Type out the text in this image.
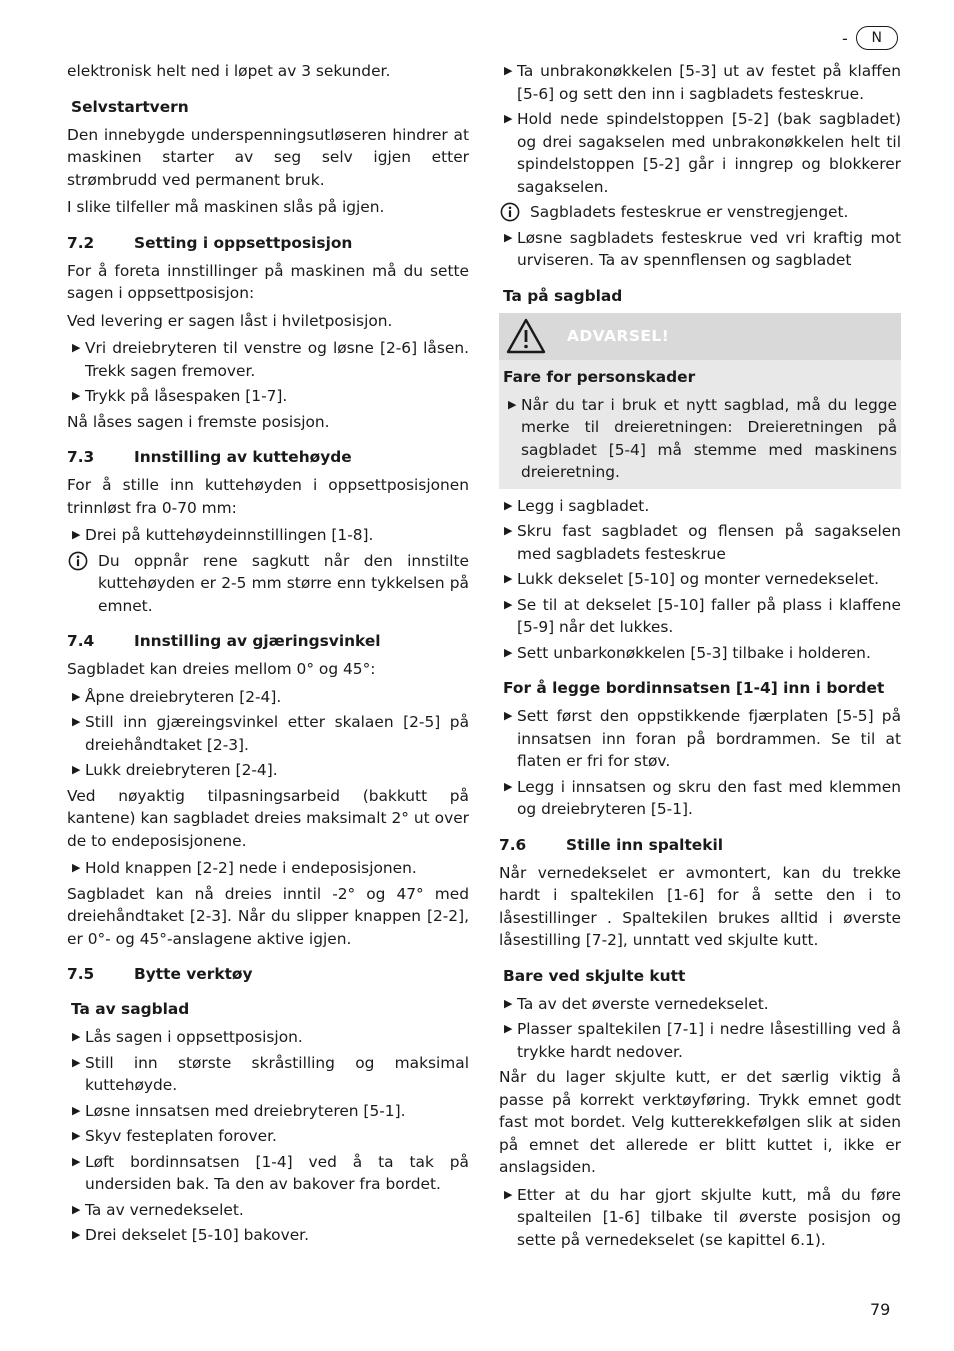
-	N

elektronisk helt ned i løpet av 3 sekunder.

Selvstartvern

Den innebygde underspenningsutløseren hindrer at maskinen starter av seg selv igjen etter strømbrudd ved permanent bruk.

I slike tilfeller må maskinen slås på igjen.

7.2	Setting i oppsettposisjon

For å foreta innstillinger på maskinen må du sette sagen i oppsettposisjon:

Ved levering er sagen låst i hviletposisjon.

▶ Vri dreiebryteren til venstre og løsne [2-6] låsen. Trekk sagen fremover.
▶ Trykk på låsespaken [1-7].

Nå låses sagen i fremste posisjon.

7.3	Innstilling av kuttehøyde

For å stille inn kuttehøyden i oppsettposisjonen trinnløst fra 0-70 mm:

▶ Drei på kuttehøydeinnstillingen [1-8].
Du oppnår rene sagkutt når den innstilte kuttehøyden er 2-5 mm større enn tykkelsen på emnet.
7.4	Innstilling av gjæringsvinkel

Sagbladet kan dreies mellom 0° og 45°:

▶ Åpne dreiebryteren [2-4].
▶ Still inn gjæreingsvinkel etter skalaen [2-5] på dreiehåndtaket [2-3].
▶ Lukk dreiebryteren [2-4].

Ved nøyaktig tilpasningsarbeid (bakkutt på kantene) kan sagbladet dreies maksimalt 2° ut over de to endeposisjonene.

▶ Hold knappen [2-2] nede i endeposisjonen.

Sagbladet kan nå dreies inntil -2° og 47° med dreiehåndtaket [2-3]. Når du slipper knappen [2-2], er 0°- og 45°-anslagene aktive igjen.

7.5	Bytte verktøy
Ta av sagblad
▶ Lås sagen i oppsettposisjon.
▶ Still inn største skråstilling og maksimal kuttehøyde.
▶ Løsne innsatsen med dreiebryteren [5-1].
▶ Skyv festeplaten forover.
▶ Løft bordinnsatsen [1-4] ved å ta tak på undersiden bak. Ta den av bakover fra bordet.
▶ Ta av vernedekselet.
▶ Drei dekselet [5-10] bakover.
▶ Ta unbrakonøkkelen [5-3] ut av festet på klaffen [5-6] og sett den inn i sagbladets festeskrue.
▶ Hold nede spindelstoppen [5-2] (bak sagbladet) og drei sagakselen med unbrakonøkkelen helt til spindelstoppen [5-2] går i inngrep og blokkerer sagakselen.
Sagbladets festeskrue er venstregjenget.
▶ Løsne sagbladets festeskrue ved vri kraftig mot urviseren. Ta av spennflensen og sagbladet
Ta på sagblad
ADVARSEL!
Fare for personskader
▶ Når du tar i bruk et nytt sagblad, må du legge merke til dreieretningen: Dreieretningen på sagbladet [5-4] må stemme med maskinens dreieretning.
▶ Legg i sagbladet.
▶ Skru fast sagbladet og flensen på sagakselen med sagbladets festeskrue
▶ Lukk dekselet [5-10] og monter vernedekselet.
▶ Se til at dekselet [5-10] faller på plass i klaffene [5-9] når det lukkes.
▶ Sett unbarkonøkkelen [5-3] tilbake i holderen.
For å legge bordinnsatsen [1-4] inn i bordet
▶ Sett først den oppstikkende fjærplaten [5-5] på innsatsen inn foran på bordrammen. Se til at flaten er fri for støv.
▶ Legg i innsatsen og skru den fast med klemmen og dreiebryteren [5-1].
7.6	Stille inn spaltekil

Når vernedekselet er avmontert, kan du trekke hardt i spaltekilen [1-6] for å sette den i to låsestillinger . Spaltekilen brukes alltid i øverste låsestilling [7-2], unntatt ved skjulte kutt.

Bare ved skjulte kutt
▶ Ta av det øverste vernedekselet.
▶ Plasser spaltekilen [7-1] i nedre låsestilling ved å trykke hardt nedover.

Når du lager skjulte kutt, er det særlig viktig å passe på korrekt verktøyføring. Trykk emnet godt fast mot bordet. Velg kutterekkefølgen slik at siden på emnet det allerede er blitt kuttet i, ikke er anslagsiden.

▶ Etter at du har gjort skjulte kutt, må du føre spalteilen [1-6] tilbake til øverste posisjon og sette på vernedekselet (se kapittel 6.1).
79
